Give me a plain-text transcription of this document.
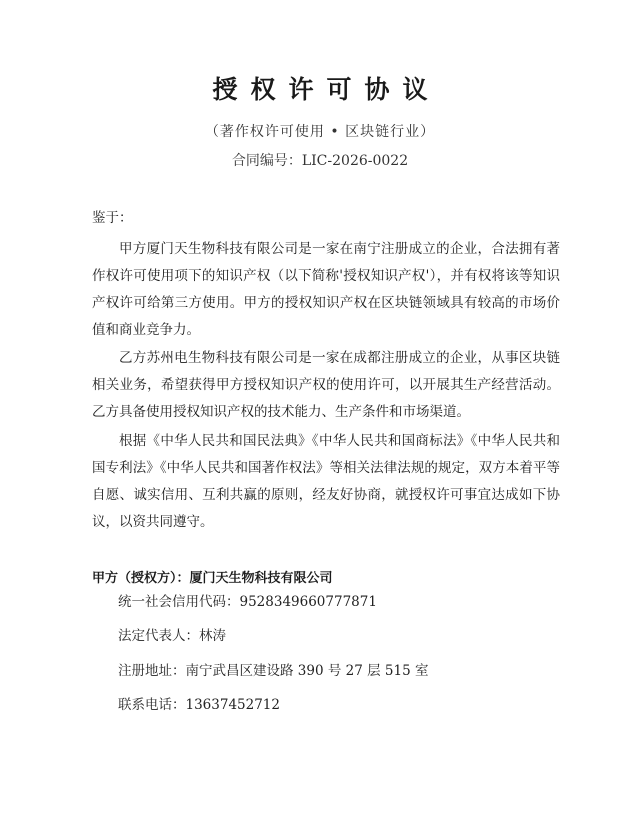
授权许可协议
（著作权许可使用 • 区块链行业）
合同编号：LIC-2026-0022
鉴于：

甲方厦门天生物科技有限公司是一家在南宁注册成立的企业，合法拥有著作权许可使用项下的知识产权（以下简称'授权知识产权'），并有权将该等知识产权许可给第三方使用。甲方的授权知识产权在区块链领域具有较高的市场价值和商业竞争力。

乙方苏州电生物科技有限公司是一家在成都注册成立的企业，从事区块链相关业务，希望获得甲方授权知识产权的使用许可，以开展其生产经营活动。乙方具备使用授权知识产权的技术能力、生产条件和市场渠道。

根据《中华人民共和国民法典》《中华人民共和国商标法》《中华人民共和国专利法》《中华人民共和国著作权法》等相关法律法规的规定，双方本着平等自愿、诚实信用、互利共赢的原则，经友好协商，就授权许可事宜达成如下协议，以资共同遵守。

甲方（授权方）：厦门天生物科技有限公司
统一社会信用代码：9528349660777871
法定代表人：林涛
注册地址：南宁武昌区建设路 390 号 27 层 515 室
联系电话：13637452712
